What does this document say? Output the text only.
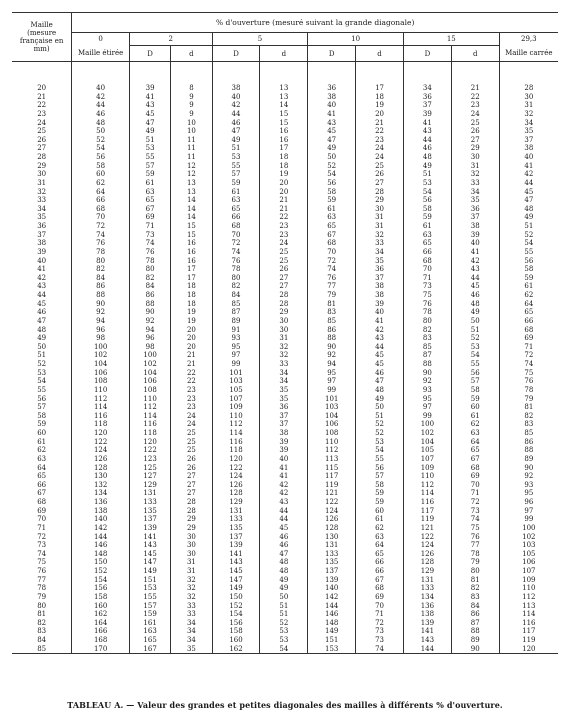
Maille (mesure française en mm)	% d'ouverture (mesuré suivant la grande diagonale)									
	0	2		5		10		15		29,3
	Maille étirée	D	d	D	d	D	d	D	d	Maille carrée

20	40	39	8	38	13	36	17	34	21	28
21	42	41	9	40	13	38	18	36	22	30
22	44	43	9	42	14	40	19	37	23	31
23	46	45	9	44	15	41	20	39	24	32
24	48	47	10	46	15	43	21	41	25	34
25	50	49	10	47	16	45	22	43	26	35
26	52	51	11	49	16	47	23	44	27	37
27	54	53	11	51	17	49	24	46	29	38
28	56	55	11	53	18	50	24	48	30	40
29	58	57	12	55	18	52	25	49	31	41
30	60	59	12	57	19	54	26	51	32	42
31	62	61	13	59	20	56	27	53	33	44
32	64	63	13	61	20	58	28	54	34	45
33	66	65	14	63	21	59	29	56	35	47
34	68	67	14	65	21	61	30	58	36	48
35	70	69	14	66	22	63	31	59	37	49
36	72	71	15	68	23	65	31	61	38	51
37	74	73	15	70	23	67	32	63	39	52
38	76	74	16	72	24	68	33	65	40	54
39	78	76	16	74	25	70	34	66	41	55
40	80	78	16	76	25	72	35	68	42	56
41	82	80	17	78	26	74	36	70	43	58
42	84	82	17	80	27	76	37	71	44	59
43	86	84	18	82	27	77	38	73	45	61
44	88	86	18	84	28	79	38	75	46	62
45	90	88	18	85	28	81	39	76	48	64
46	92	90	19	87	29	83	40	78	49	65
47	94	92	19	89	30	85	41	80	50	66
48	96	94	20	91	30	86	42	82	51	68
49	98	96	20	93	31	88	43	83	52	69
50	100	98	20	95	32	90	44	85	53	71
51	102	100	21	97	32	92	45	87	54	72
52	104	102	21	99	33	94	45	88	55	74
53	106	104	22	101	34	95	46	90	56	75
54	108	106	22	103	34	97	47	92	57	76
55	110	108	23	105	35	99	48	93	58	78
56	112	110	23	107	35	101	49	95	59	79
57	114	112	23	109	36	103	50	97	60	81
58	116	114	24	110	37	104	51	99	61	82
59	118	116	24	112	37	106	52	100	62	83
60	120	118	25	114	38	108	52	102	63	85
61	122	120	25	116	39	110	53	104	64	86
62	124	122	25	118	39	112	54	105	65	88
63	126	123	26	120	40	113	55	107	67	89
64	128	125	26	122	41	115	56	109	68	90
65	130	127	27	124	41	117	57	110	69	92
66	132	129	27	126	42	119	58	112	70	93
67	134	131	27	128	42	121	59	114	71	95
68	136	133	28	129	43	122	59	116	72	96
69	138	135	28	131	44	124	60	117	73	97
70	140	137	29	133	44	126	61	119	74	99
71	142	139	29	135	45	128	62	121	75	100
72	144	141	30	137	46	130	63	122	76	102
73	146	143	30	139	46	131	64	124	77	103
74	148	145	30	141	47	133	65	126	78	105
75	150	147	31	143	48	135	66	128	79	106
76	152	149	31	145	48	137	66	129	80	107
77	154	151	32	147	49	139	67	131	81	109
78	156	153	32	149	49	140	68	133	82	110
79	158	155	32	150	50	142	69	134	83	112
80	160	157	33	152	51	144	70	136	84	113
81	162	159	33	154	51	146	71	138	86	114
82	164	161	34	156	52	148	72	139	87	116
83	166	163	34	158	53	149	73	141	88	117
84	168	165	34	160	53	151	73	143	89	119
85	170	167	35	162	54	153	74	144	90	120
TABLEAU A. — Valeur des grandes et petites diagonales des mailles à différents % d'ouverture.
